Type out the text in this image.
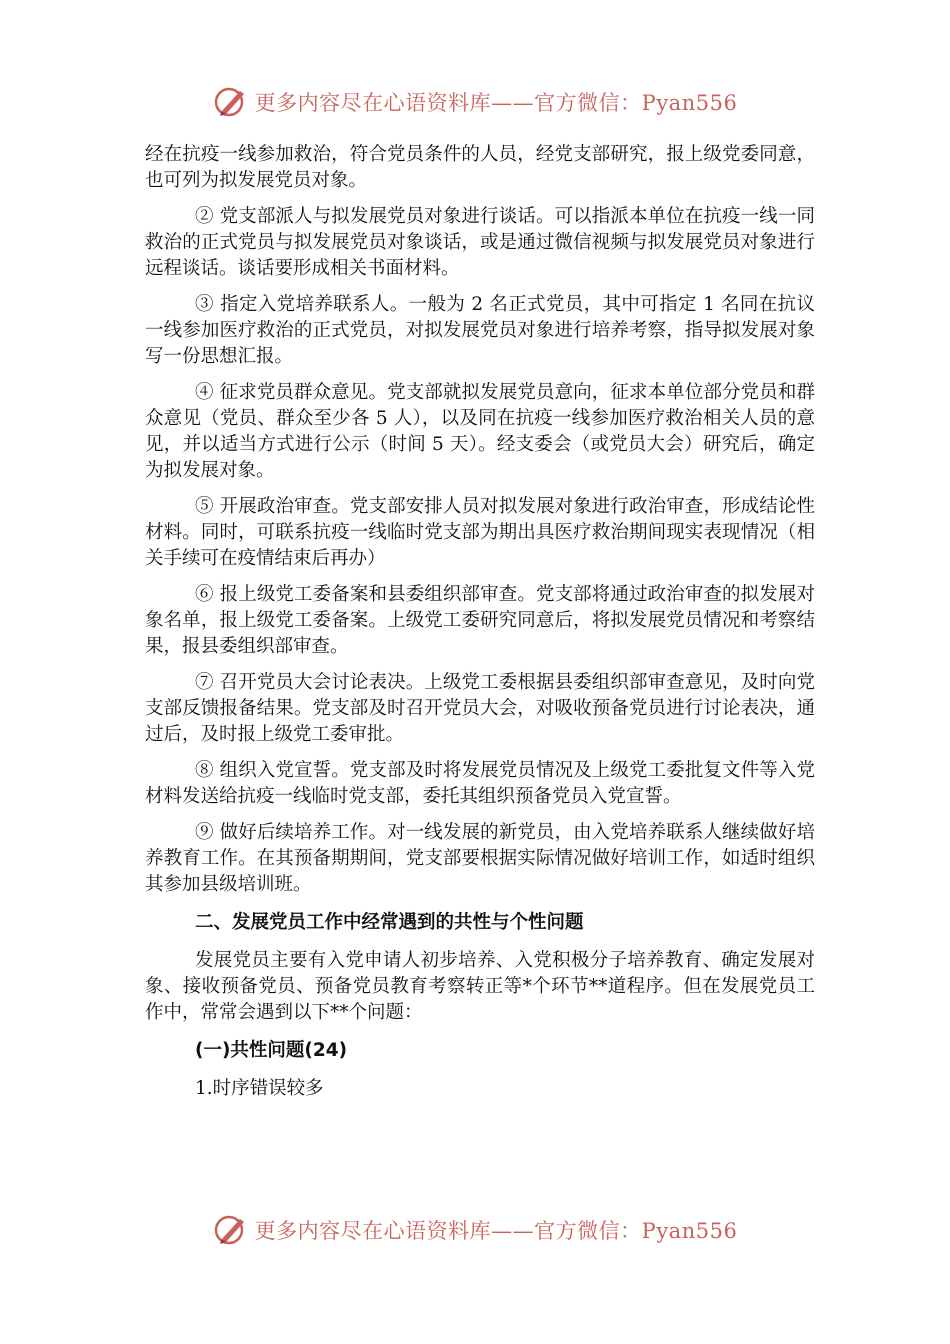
更多内容尽在心语资料库——官方微信：Pyan556

经在抗疫一线参加救治，符合党员条件的人员，经党支部研究，报上级党委同意，也可列为拟发展党员对象。

② 党支部派人与拟发展党员对象进行谈话。可以指派本单位在抗疫一线一同救治的正式党员与拟发展党员对象谈话，或是通过微信视频与拟发展党员对象进行远程谈话。谈话要形成相关书面材料。

③ 指定入党培养联系人。一般为 2 名正式党员，其中可指定 1 名同在抗议一线参加医疗救治的正式党员，对拟发展党员对象进行培养考察，指导拟发展对象写一份思想汇报。

④ 征求党员群众意见。党支部就拟发展党员意向，征求本单位部分党员和群众意见（党员、群众至少各 5 人），以及同在抗疫一线参加医疗救治相关人员的意见，并以适当方式进行公示（时间 5 天）。经支委会（或党员大会）研究后，确定为拟发展对象。

⑤ 开展政治审查。党支部安排人员对拟发展对象进行政治审查，形成结论性材料。同时，可联系抗疫一线临时党支部为期出具医疗救治期间现实表现情况（相关手续可在疫情结束后再办）

⑥ 报上级党工委备案和县委组织部审查。党支部将通过政治审查的拟发展对象名单，报上级党工委备案。上级党工委研究同意后，将拟发展党员情况和考察结果，报县委组织部审查。

⑦ 召开党员大会讨论表决。上级党工委根据县委组织部审查意见，及时向党支部反馈报备结果。党支部及时召开党员大会，对吸收预备党员进行讨论表决，通过后，及时报上级党工委审批。

⑧ 组织入党宣誓。党支部及时将发展党员情况及上级党工委批复文件等入党材料发送给抗疫一线临时党支部，委托其组织预备党员入党宣誓。

⑨ 做好后续培养工作。对一线发展的新党员，由入党培养联系人继续做好培养教育工作。在其预备期期间，党支部要根据实际情况做好培训工作，如适时组织其参加县级培训班。

二、发展党员工作中经常遇到的共性与个性问题

发展党员主要有入党申请人初步培养、入党积极分子培养教育、确定发展对象、接收预备党员、预备党员教育考察转正等*个环节**道程序。但在发展党员工作中，常常会遇到以下**个问题：

(一)共性问题(24)

1.时序错误较多

更多内容尽在心语资料库——官方微信：Pyan556
